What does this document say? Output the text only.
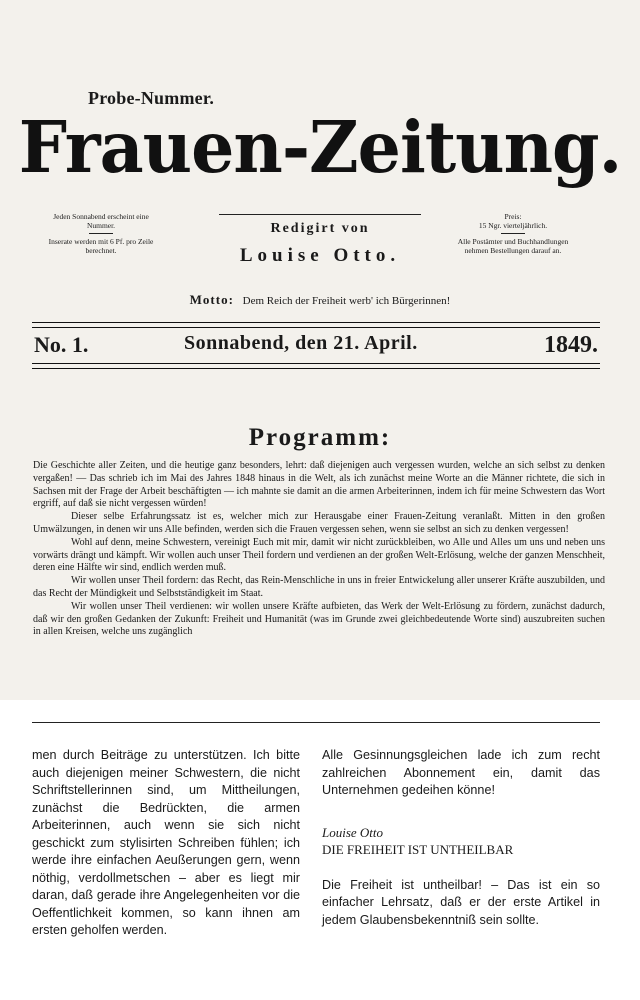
Probe-Nummer.
Frauen-Zeitung.
Jeden Sonnabend erscheint eine Nummer.
Inserate werden mit 6 Pf. pro Zeile berechnet.
Redigirt von
Louise Otto.
Preis:
15 Ngr. vierteljährlich.
Alle Postämter und Buchhandlungen nehmen Bestellungen darauf an.
Motto: Dem Reich der Freiheit werb' ich Bürgerinnen!
No. 1.	Sonnabend, den 21. April.	1849.
Programm:

Die Geschichte aller Zeiten, und die heutige ganz besonders, lehrt: daß diejenigen auch vergessen wurden, welche an sich selbst zu denken vergaßen! — Das schrieb ich im Mai des Jahres 1848 hinaus in die Welt, als ich zunächst meine Worte an die Männer richtete, die sich in Sachsen mit der Frage der Arbeit beschäftigten — ich mahnte sie damit an die armen Arbeiterinnen, indem ich für meine Schwestern das Wort ergriff, auf daß sie nicht vergessen würden!

Dieser selbe Erfahrungssatz ist es, welcher mich zur Herausgabe einer Frauen-Zeitung veranlaßt. Mitten in den großen Umwälzungen, in denen wir uns Alle befinden, werden sich die Frauen vergessen sehen, wenn sie selbst an sich zu denken vergessen!

Wohl auf denn, meine Schwestern, vereinigt Euch mit mir, damit wir nicht zurückbleiben, wo Alle und Alles um uns und neben uns vorwärts drängt und kämpft. Wir wollen auch unser Theil fordern und verdienen an der großen Welt-Erlösung, welche der ganzen Menschheit, deren eine Hälfte wir sind, endlich werden muß.

Wir wollen unser Theil fordern: das Recht, das Rein-Menschliche in uns in freier Entwickelung aller unserer Kräfte auszubilden, und das Recht der Mündigkeit und Selbstständigkeit im Staat.

Wir wollen unser Theil verdienen: wir wollen unsere Kräfte aufbieten, das Werk der Welt-Erlösung zu fördern, zunächst dadurch, daß wir den großen Gedanken der Zukunft: Freiheit und Humanität (was im Grunde zwei gleichbedeutende Worte sind) auszubreiten suchen in allen Kreisen, welche uns zugänglich

men durch Beiträge zu unterstützen. Ich bitte auch diejenigen meiner Schwestern, die nicht Schriftstellerinnen sind, um Mittheilungen, zunächst die Bedrückten, die armen Arbeiterinnen, auch wenn sie sich nicht geschickt zum stylisirten Schreiben fühlen; ich werde ihre einfachen Aeußerungen gern, wenn nöthig, verdollmetschen – aber es liegt mir daran, daß gerade ihre Angelegenheiten vor die Oeffentlichkeit kommen, so kann ihnen am ersten geholfen werden.

Alle Gesinnungsgleichen lade ich zum recht zahlreichen Abonnement ein, damit das Unternehmen gedeihen könne!

Louise Otto

DIE FREIHEIT IST UNTHEILBAR

Die Freiheit ist untheilbar! – Das ist ein so einfacher Lehrsatz, daß er der erste Artikel in jedem Glaubensbekenntniß sein sollte.
